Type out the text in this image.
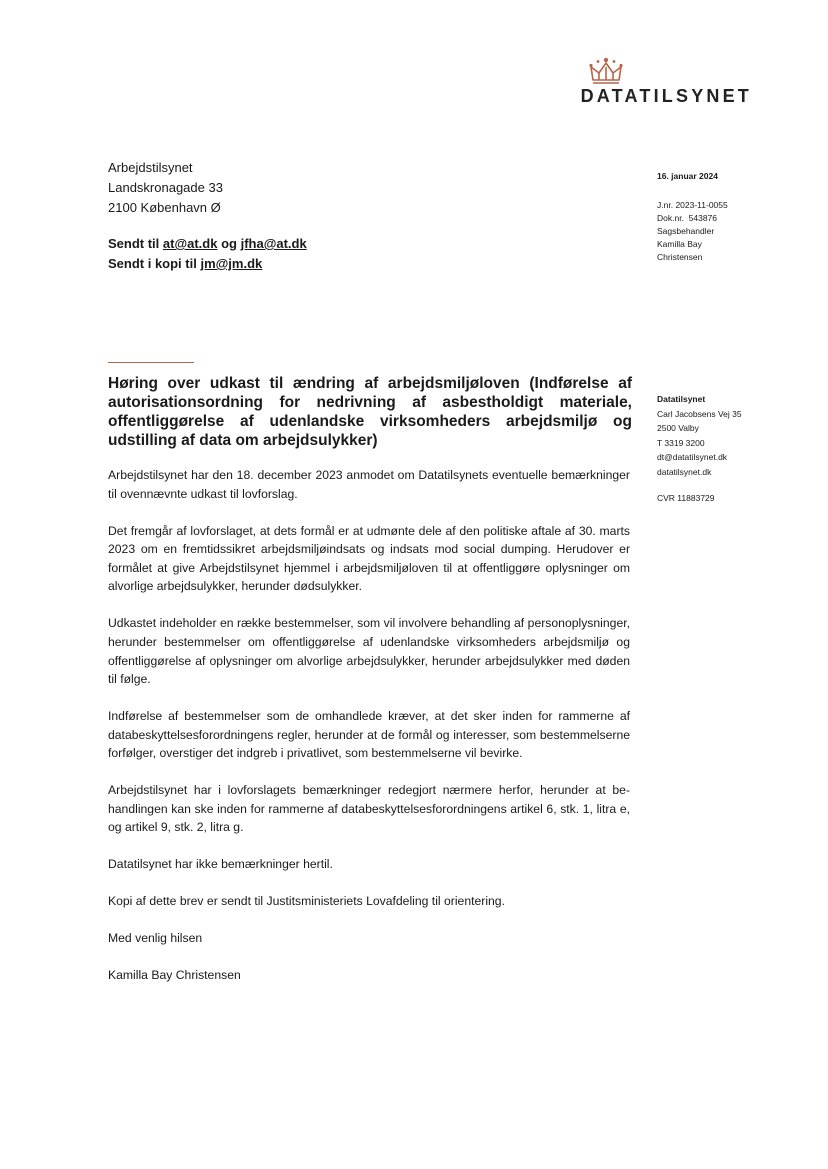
DATATILSYNET
Arbejdstilsynet
Landskronagade 33
2100 København Ø
Sendt til at@at.dk og jfha@at.dk
Sendt i kopi til jm@jm.dk
16. januar 2024
J.nr. 2023-11-0055
Dok.nr. 543876
Sagsbehandler
Kamilla Bay
Christensen
Datatilsynet
Carl Jacobsens Vej 35
2500 Valby
T 3319 3200
dt@datatilsynet.dk
datatilsynet.dk
CVR 11883729
Høring over udkast til ændring af arbejdsmiljøloven (Indførelse af autorisationsordning for nedrivning af asbestholdigt materiale, offentliggørelse af udenlandske virksomheders arbejdsmiljø og udstilling af data om arbejdsulykker)

Arbejdstilsynet har den 18. december 2023 anmodet om Datatilsynets eventuelle bemærkninger til ovennævnte udkast til lovforslag.

Det fremgår af lovforslaget, at dets formål er at udmønte dele af den politiske aftale af 30. marts 2023 om en fremtidssikret arbejdsmiljøindsats og indsats mod social dumping. Herudover er formålet at give Arbejdstilsynet hjemmel i arbejdsmiljøloven til at offentliggøre oplysninger om alvorlige arbejdsulykker, herunder dødsulykker.

Udkastet indeholder en række bestemmelser, som vil involvere behandling af personoplysninger, herunder bestemmelser om offentliggørelse af udenlandske virksomheders arbejdsmiljø og offentliggørelse af oplysninger om alvorlige arbejdsulykker, herunder arbejdsulykker med døden til følge.

Indførelse af bestemmelser som de omhandlede kræver, at det sker inden for rammerne af databeskyttelsesforordningens regler, herunder at de formål og interesser, som bestemmelserne forfølger, overstiger det indgreb i privatlivet, som bestemmelserne vil bevirke.

Arbejdstilsynet har i lovforslagets bemærkninger redegjort nærmere herfor, herunder at behandlingen kan ske inden for rammerne af databeskyttelsesforordningens artikel 6, stk. 1, litra e, og artikel 9, stk. 2, litra g.

Datatilsynet har ikke bemærkninger hertil.

Kopi af dette brev er sendt til Justitsministeriets Lovafdeling til orientering.

Med venlig hilsen

Kamilla Bay Christensen
